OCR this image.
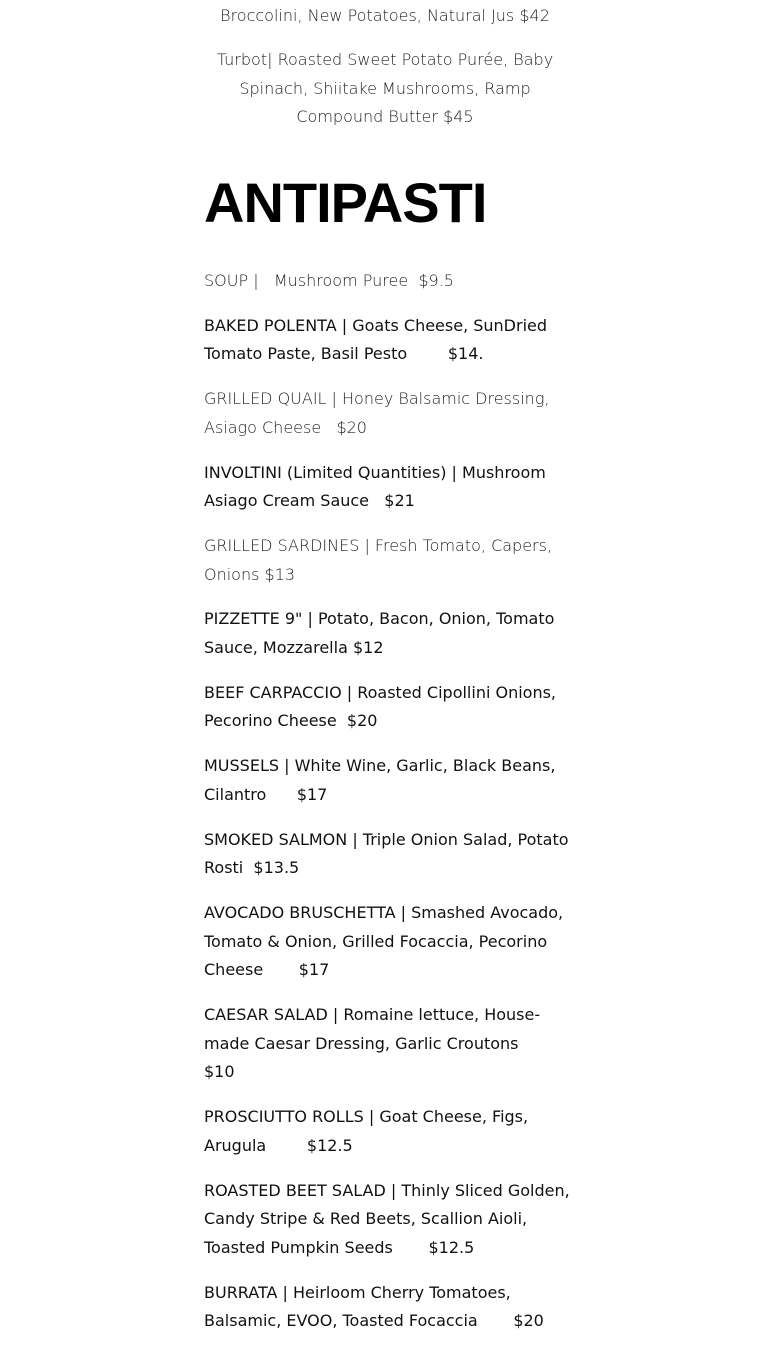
Broccolini, New Potatoes, Natural Jus $42

Turbot| Roasted Sweet Potato Purée, Baby Spinach, Shiitake Mushrooms, Ramp Compound Butter $45

ANTIPASTI
SOUP |   Mushroom Puree  $9.5
BAKED POLENTA | Goats Cheese, SunDried Tomato Paste, Basil Pesto        $14.
GRILLED QUAIL | Honey Balsamic Dressing, Asiago Cheese   $20
INVOLTINI (Limited Quantities) | Mushroom Asiago Cream Sauce   $21
GRILLED SARDINES | Fresh Tomato, Capers, Onions $13
PIZZETTE 9" | Potato, Bacon, Onion, Tomato Sauce, Mozzarella $12
BEEF CARPACCIO | Roasted Cipollini Onions, Pecorino Cheese  $20
MUSSELS | White Wine, Garlic, Black Beans, Cilantro      $17
SMOKED SALMON | Triple Onion Salad, Potato Rosti  $13.5
AVOCADO BRUSCHETTA | Smashed Avocado, Tomato & Onion, Grilled Focaccia, Pecorino Cheese       $17
CAESAR SALAD | Romaine lettuce, House-made Caesar Dressing, Garlic Croutons                 $10
PROSCIUTTO ROLLS | Goat Cheese, Figs, Arugula        $12.5
ROASTED BEET SALAD | Thinly Sliced Golden, Candy Stripe & Red Beets, Scallion Aioli, Toasted Pumpkin Seeds       $12.5
BURRATA | Heirloom Cherry Tomatoes, Balsamic, EVOO, Toasted Focaccia       $20
